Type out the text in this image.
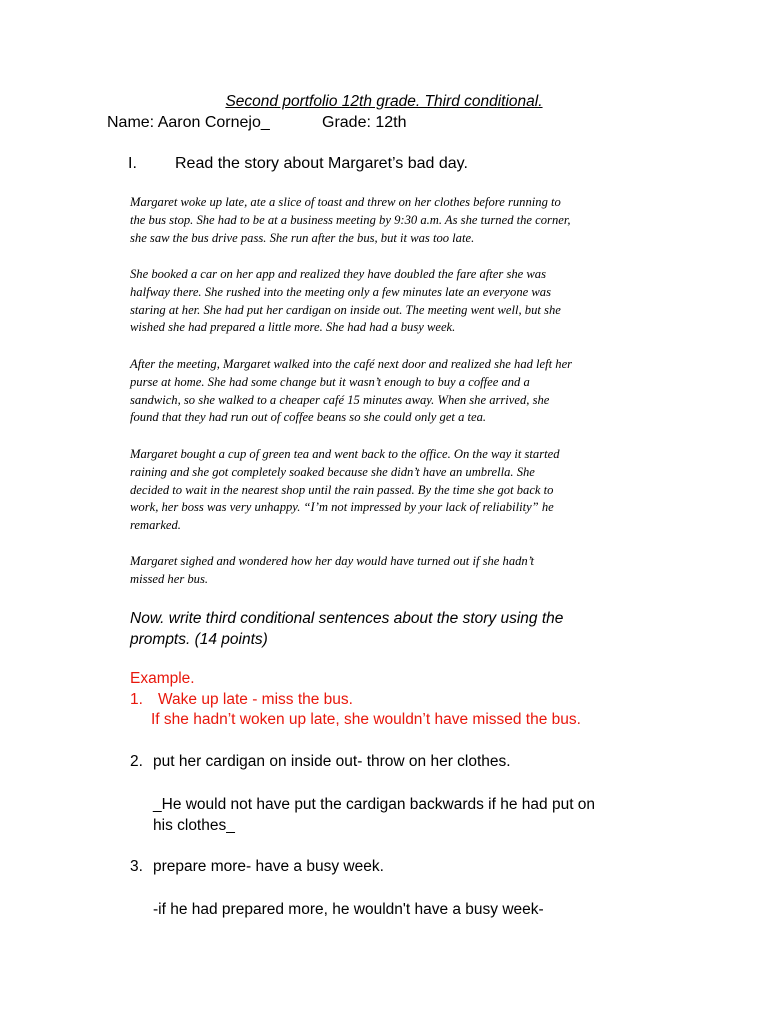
Second portfolio 12th grade. Third conditional.
Name: Aaron Cornejo_	Grade: 12th
I. Read the story about Margaret’s bad day.
Margaret woke up late, ate a slice of toast and threw on her clothes before running to
the bus stop. She had to be at a business meeting by 9:30 a.m. As she turned the corner,
she saw the bus drive pass. She run after the bus, but it was too late.
She booked a car on her app and realized they have doubled the fare after she was
halfway there. She rushed into the meeting only a few minutes late an everyone was
staring at her. She had put her cardigan on inside out. The meeting went well, but she
wished she had prepared a little more. She had had a busy week.
After the meeting, Margaret walked into the café next door and realized she had left her
purse at home. She had some change but it wasn’t enough to buy a coffee and a
sandwich, so she walked to a cheaper café 15 minutes away. When she arrived, she
found that they had run out of coffee beans so she could only get a tea.
Margaret bought a cup of green tea and went back to the office. On the way it started
raining and she got completely soaked because she didn’t have an umbrella. She
decided to wait in the nearest shop until the rain passed. By the time she got back to
work, her boss was very unhappy. “I’m not impressed by your lack of reliability” he
remarked.
Margaret sighed and wondered how her day would have turned out if she hadn’t
missed her bus.
Now. write third conditional sentences about the story using the
prompts. (14 points)
Example.
1. Wake up late - miss the bus.
If she hadn’t woken up late, she wouldn’t have missed the bus.
2. put her cardigan on inside out- throw on her clothes.
_He would not have put the cardigan backwards if he had put on
his clothes_
3. prepare more- have a busy week.
-if he had prepared more, he wouldn't have a busy week-
